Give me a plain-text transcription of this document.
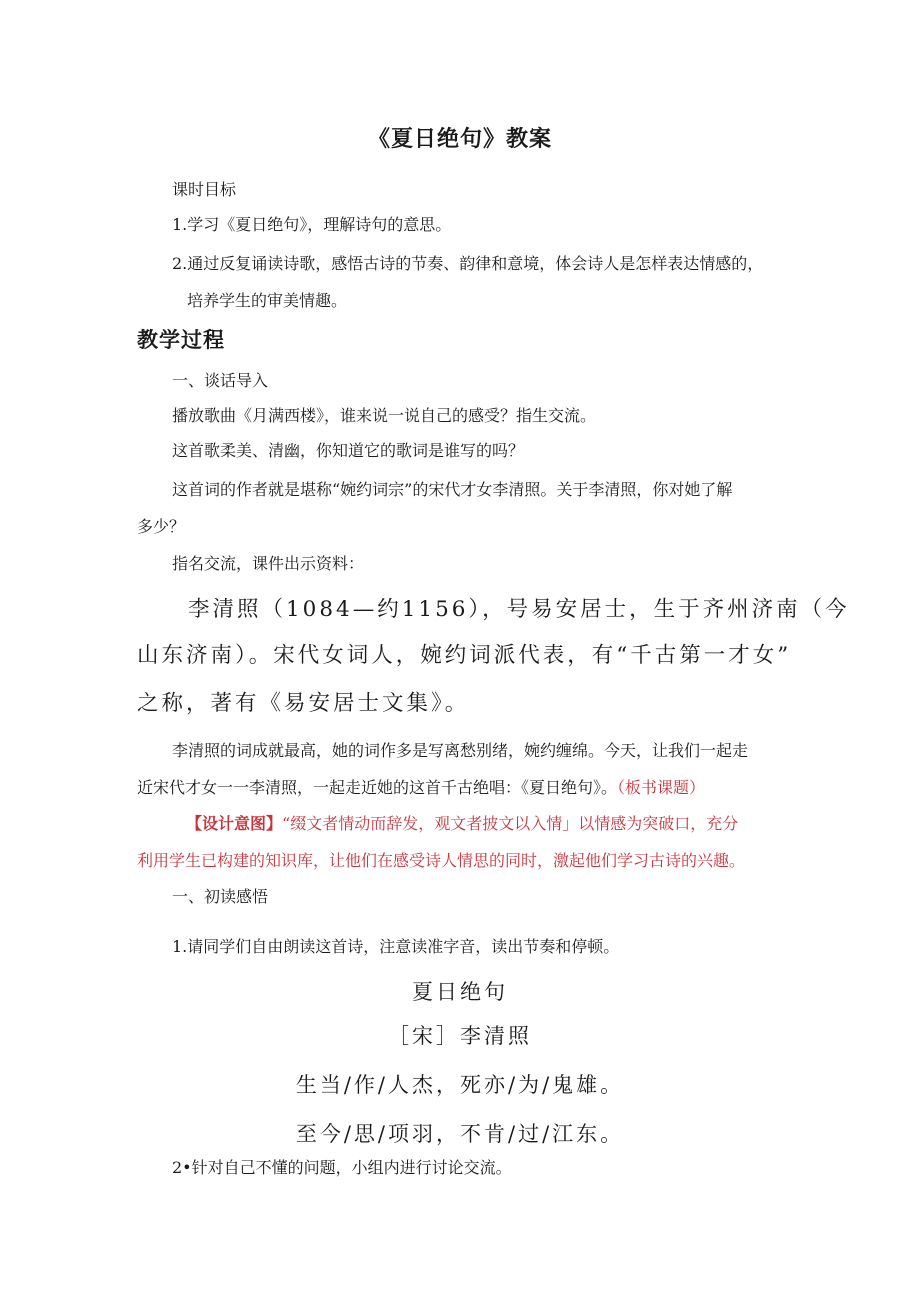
《夏日绝句》教案

课时目标

1.学习《夏日绝句》，理解诗句的意思。

2.通过反复诵读诗歌，感悟古诗的节奏、韵律和意境，体会诗人是怎样表达情感的，

培养学生的审美情趣。

教学过程

一、谈话导入

播放歌曲《月满西楼》，谁来说一说自己的感受？指生交流。

这首歌柔美、清幽，你知道它的歌词是谁写的吗？

这首词的作者就是堪称“婉约词宗”的宋代才女李清照。关于李清照，你对她了解

多少？

指名交流，课件出示资料：

李清照（1084—约1156），号易安居士，生于齐州济南（今

山东济南）。宋代女词人，婉约词派代表，有“千古第一才女”

之称，著有《易安居士文集》。

李清照的词成就最高，她的词作多是写离愁别绪，婉约缠绵。今天，让我们一起走

近宋代才女一一李清照，一起走近她的这首千古绝唱：《夏日绝句》。（板书课题）

【设计意图】“缀文者情动而辞发，观文者披文以入情」以情感为突破口，充分

利用学生已构建的知识库，让他们在感受诗人情思的同时，激起他们学习古诗的兴趣。

一、初读感悟

1.请同学们自由朗读这首诗，注意读准字音，读出节奏和停顿。

夏日绝句

［宋］李清照

生当/作/人杰，死亦/为/鬼雄。

至今/思/项羽，不肯/过/江东。

2•针对自己不懂的问题，小组内进行讨论交流。
